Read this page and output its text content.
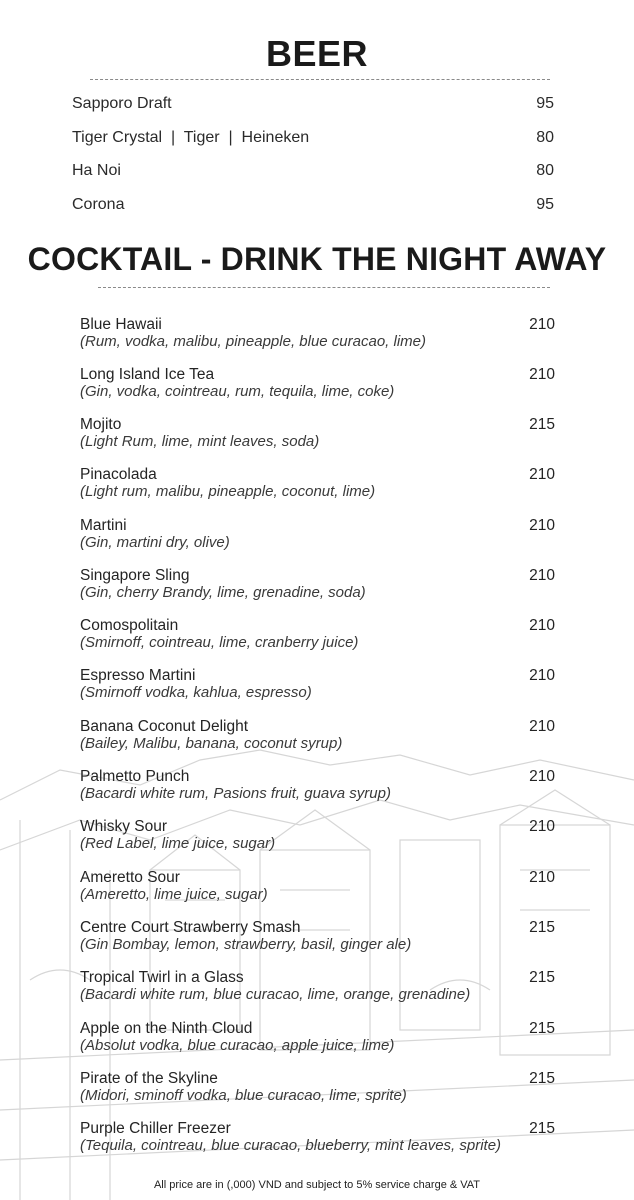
BEER
Sapporo Draft	95
Tiger Crystal  |  Tiger  |  Heineken	80
Ha Noi	80
Corona	95
COCKTAIL - DRINK THE NIGHT AWAY
Blue Hawaii
(Rum, vodka, malibu, pineapple, blue curacao, lime)
210
Long Island Ice Tea
(Gin, vodka, cointreau, rum, tequila, lime, coke)
210
Mojito
(Light Rum, lime, mint leaves, soda)
215
Pinacolada
(Light rum, malibu, pineapple, coconut, lime)
210
Martini
(Gin, martini dry, olive)
210
Singapore Sling
(Gin, cherry Brandy, lime, grenadine, soda)
210
Comospolitain
(Smirnoff, cointreau, lime, cranberry juice)
210
Espresso Martini
(Smirnoff vodka, kahlua, espresso)
210
Banana Coconut Delight
(Bailey, Malibu, banana, coconut syrup)
210
Palmetto Punch
(Bacardi white rum, Pasions fruit, guava syrup)
210
Whisky Sour
(Red Label, lime juice, sugar)
210
Ameretto Sour
(Ameretto, lime juice, sugar)
210
Centre Court Strawberry Smash
(Gin Bombay, lemon, strawberry, basil, ginger ale)
215
Tropical Twirl in a Glass
(Bacardi white rum, blue curacao, lime, orange, grenadine)
215
Apple on the Ninth Cloud
(Absolut vodka, blue curacao, apple juice, lime)
215
Pirate of the Skyline
(Midori, sminoff vodka, blue curacao, lime, sprite)
215
Purple Chiller Freezer
(Tequila, cointreau, blue curacao, blueberry, mint leaves, sprite)
215
All price are in (,000) VND and subject to 5% service charge & VAT
